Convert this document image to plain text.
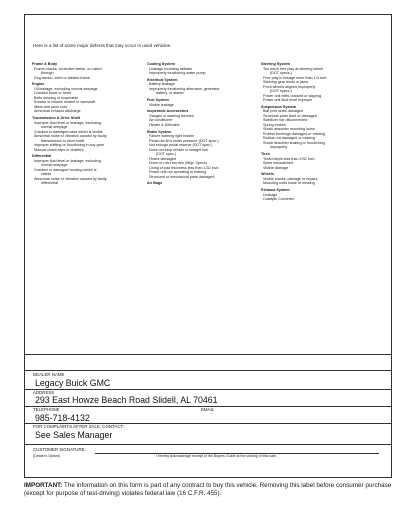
Here is a list of some major defects that may occur in used vehicles.
Frame & Body
Frame-cracks, corrective welds, or rusted
through
Dog tracks—bent or twisted frame
Engine
Oil leakage, excluding normal seepage
Cracked block or head
Belts missing or inoperable
Knocks or misses related to camshaft
lifters and push rods
Abnormal exhaust discharge
Transmission & Drive Shaft
Improper fluid level or leakage, excluding
normal seepage
Cracked or damaged case which is visible
Abnormal noise or vibration caused by faulty
transmission or drive shaft
Improper shifting or functioning in any gear
Manual clutch slips or chatters
Differential
Improper fluid level or leakage, excluding
normal seepage
Cracked or damaged housing which is
visible
Abnormal noise or vibration caused by faulty
differential
Cooling System
Leakage including radiator
Improperly functioning water pump
Electrical System
Battery leakage
Improperly functioning alternator, generator,
battery, or starter
Fuel System
Visible leakage
Inoperable Accessories
Gauges or warning devices
Air conditioner
Heater & Defroster
Brake System
Failure warning light broken
Pedal not firm under pressure (DOT spec.)
Not enough pedal reserve (DOT spec.)
Does not stop vehicle in straight line
(DOT spec.)
Hoses damaged
Drum or rotor too thin (Mfgr. Specs)
Lining or pad thickness less than 1/32 inch
Power unit not operating or leaking
Structural or mechanical parts damaged
Air Bags
Steering System
Too much free play at steering wheel
(DOT specs.)
Free play in linkage more than 1/4 inch
Steering gear binds or jams
Front wheels aligned improperly
(DOT specs.)
Power unit belts cracked or slipping
Power unit fluid level improper
Suspension System
Ball joint seals damaged
Structural parts bent or damaged
Stabilizer bar disconnected
Spring broken
Shock absorber mounting loose
Rubber bushings damaged or missing
Radius rod damaged or missing
Shock absorber leaking or functioning
improperly
Tires
Tread depth less than 2/32 inch
Sizes mismatched
Visible damage
Wheels
Visible cracks, damage or repairs
Mounting bolts loose or missing
Exhaust System
Leakage
Catalytic Converter
DEALER NAME
Legacy Buick GMC
ADDRESS
293 East Howze Beach Road Slidell, AL 70461
TELEPHONE	EMAIL
985-718-4132
FOR COMPLAINTS AFTER SALE, CONTACT:
See Sales Manager
CUSTOMER SIGNATURE:
(Dealer's Option)	I hereby acknowledge receipt of the Buyers Guide at the closing of this sale.
IMPORTANT: The information on this form is part of any contract to buy this vehicle. Removing this label before consumer purchase (except for purpose of test-driving) violates federal law (16 C.F.R. 455).
